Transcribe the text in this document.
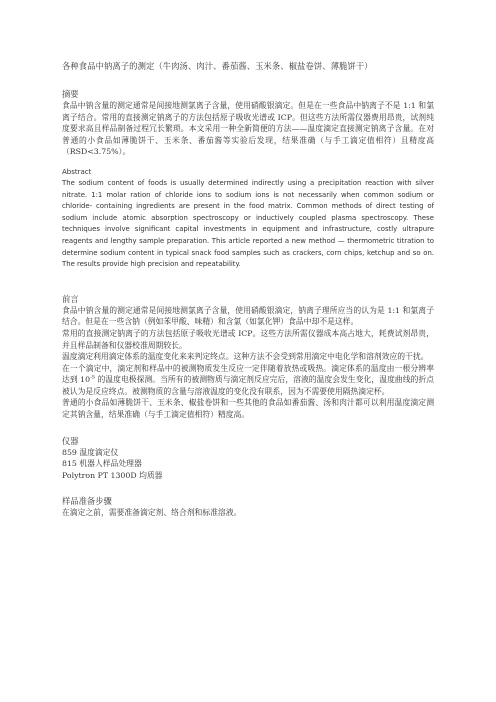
各种食品中钠离子的测定（牛肉汤、肉汁、番茄酱、玉米条、椒盐卷饼、薄脆饼干）

摘要

食品中钠含量的测定通常是间接地测氯离子含量，使用硝酸银滴定。但是在一些食品中钠离子不是 1:1 和氯离子结合。常用的直接测定钠离子的方法包括原子吸收光谱或 ICP。但这些方法所需仪器费用昂贵，试剂纯度要求高且样品制备过程冗长繁琐。本文采用一种全新简便的方法——温度滴定直接测定钠离子含量。在对普通的小食品如薄脆饼干、玉米条、番茄酱等实验后发现，结果准确（与手工滴定值相符）且精度高（RSD<3.75%）。

Abstract

The sodium content of foods is usually determined indirectly using a precipitation reaction with silver nitrate. 1:1 molar ration of chloride ions to sodium ions is not necessarily when common sodium or chloride- containing ingredients are present in the food matrix. Common methods of direct testing of sodium include atomic absorption spectroscopy or inductively coupled plasma spectroscopy. These techniques involve significant capital investments in equipment and infrastructure, costly ultrapure reagents and lengthy sample preparation. This article reported a new method — thermometric titration to determine sodium content in typical snack food samples such as crackers, corn chips, ketchup and so on. The results provide high precision and repeatability.

前言

食品中钠含量的测定通常是间接地测氯离子含量，使用硝酸银滴定，钠离子理所应当的认为是 1:1 和氯离子结合。但是在一些含钠（例如苯甲酸、味精）和含氯（如氯化钾）食品中却不是这样。

常用的直接测定钠离子的方法包括原子吸收光谱或 ICP。这些方法所需仪器成本高占地大，耗费试剂昂贵，并且样品制备和仪器校准周期较长。

温度滴定利用滴定体系的温度变化来来判定终点。这种方法不会受到常用滴定中电化学和溶剂效应的干扰。

在一个滴定中，滴定剂和样品中的被测物质发生反应一定伴随着放热或吸热。滴定体系的温度由一根分辨率达到 $10^{-5}$ 的温度电极探测。当所有的被测物质与滴定剂反应完后，溶液的温度会发生变化，温度曲线的折点被认为是反应终点。被测物质的含量与溶液温度的变化没有联系，因为不需要使用隔热滴定杯。

普通的小食品如薄脆饼干、玉米条、椒盐卷饼和一些其他的食品如番茄酱、汤和肉汁都可以利用温度滴定测定其钠含量，结果准确（与手工滴定值相符）精度高。

仪器

859 温度滴定仪

815 机器人样品处理器

Polytron PT 1300D 均质器

样品准备步骤

在滴定之前，需要准备滴定剂、络合剂和标准溶液。
